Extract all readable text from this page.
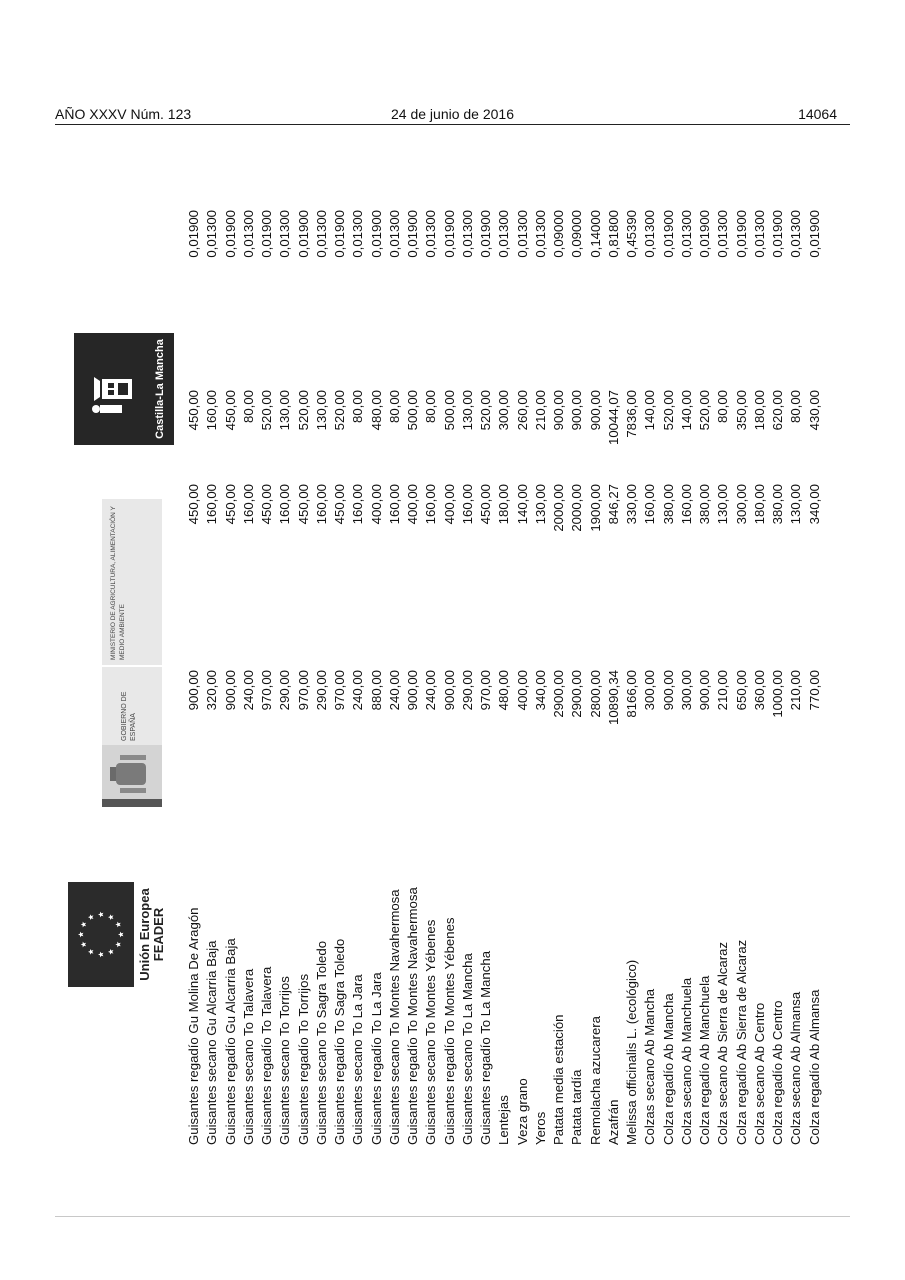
AÑO XXXV Núm. 123	24 de junio de 2016	14064
Unión Europea FEADER
GOBIERNO DE ESPAÑA
MINISTERIO DE AGRICULTURA, ALIMENTACIÓN Y MEDIO AMBIENTE
Castilla-La Mancha
Guisantes regadío Gu Molina De Aragón
900,00
450,00
450,00
0,01900
Guisantes secano Gu Alcarria Baja
320,00
160,00
160,00
0,01300
Guisantes regadío Gu Alcarria Baja
900,00
450,00
450,00
0,01900
Guisantes secano To Talavera
240,00
160,00
80,00
0,01300
Guisantes regadío To Talavera
970,00
450,00
520,00
0,01900
Guisantes secano To Torrijos
290,00
160,00
130,00
0,01300
Guisantes regadío To Torrijos
970,00
450,00
520,00
0,01900
Guisantes secano To Sagra Toledo
290,00
160,00
130,00
0,01300
Guisantes regadío To Sagra Toledo
970,00
450,00
520,00
0,01900
Guisantes secano To La Jara
240,00
160,00
80,00
0,01300
Guisantes regadío To La Jara
880,00
400,00
480,00
0,01900
Guisantes secano To Montes Navahermosa
240,00
160,00
80,00
0,01300
Guisantes regadío To Montes Navahermosa
900,00
400,00
500,00
0,01900
Guisantes secano To Montes Yébenes
240,00
160,00
80,00
0,01300
Guisantes regadío To Montes Yébenes
900,00
400,00
500,00
0,01900
Guisantes secano To La Mancha
290,00
160,00
130,00
0,01300
Guisantes regadío To La Mancha
970,00
450,00
520,00
0,01900
Lentejas
480,00
180,00
300,00
0,01300
Veza grano
400,00
140,00
260,00
0,01300
Yeros
340,00
130,00
210,00
0,01300
Patata media estación
2900,00
2000,00
900,00
0,09000
Patata tardía
2900,00
2000,00
900,00
0,09000
Remolacha azucarera
2800,00
1900,00
900,00
0,14000
Azafrán
10890,34
846,27
10044,07
0,81800
Melissa officinalis L. (ecológico)
8166,00
330,00
7836,00
0,45390
Colzas secano Ab Mancha
300,00
160,00
140,00
0,01300
Colza regadío Ab Mancha
900,00
380,00
520,00
0,01900
Colza secano Ab Manchuela
300,00
160,00
140,00
0,01300
Colza regadío Ab Manchuela
900,00
380,00
520,00
0,01900
Colza secano Ab Sierra de Alcaraz
210,00
130,00
80,00
0,01300
Colza regadío Ab Sierra de Alcaraz
650,00
300,00
350,00
0,01900
Colza secano Ab Centro
360,00
180,00
180,00
0,01300
Colza regadío Ab Centro
1000,00
380,00
620,00
0,01900
Colza secano Ab Almansa
210,00
130,00
80,00
0,01300
Colza regadío Ab Almansa
770,00
340,00
430,00
0,01900
